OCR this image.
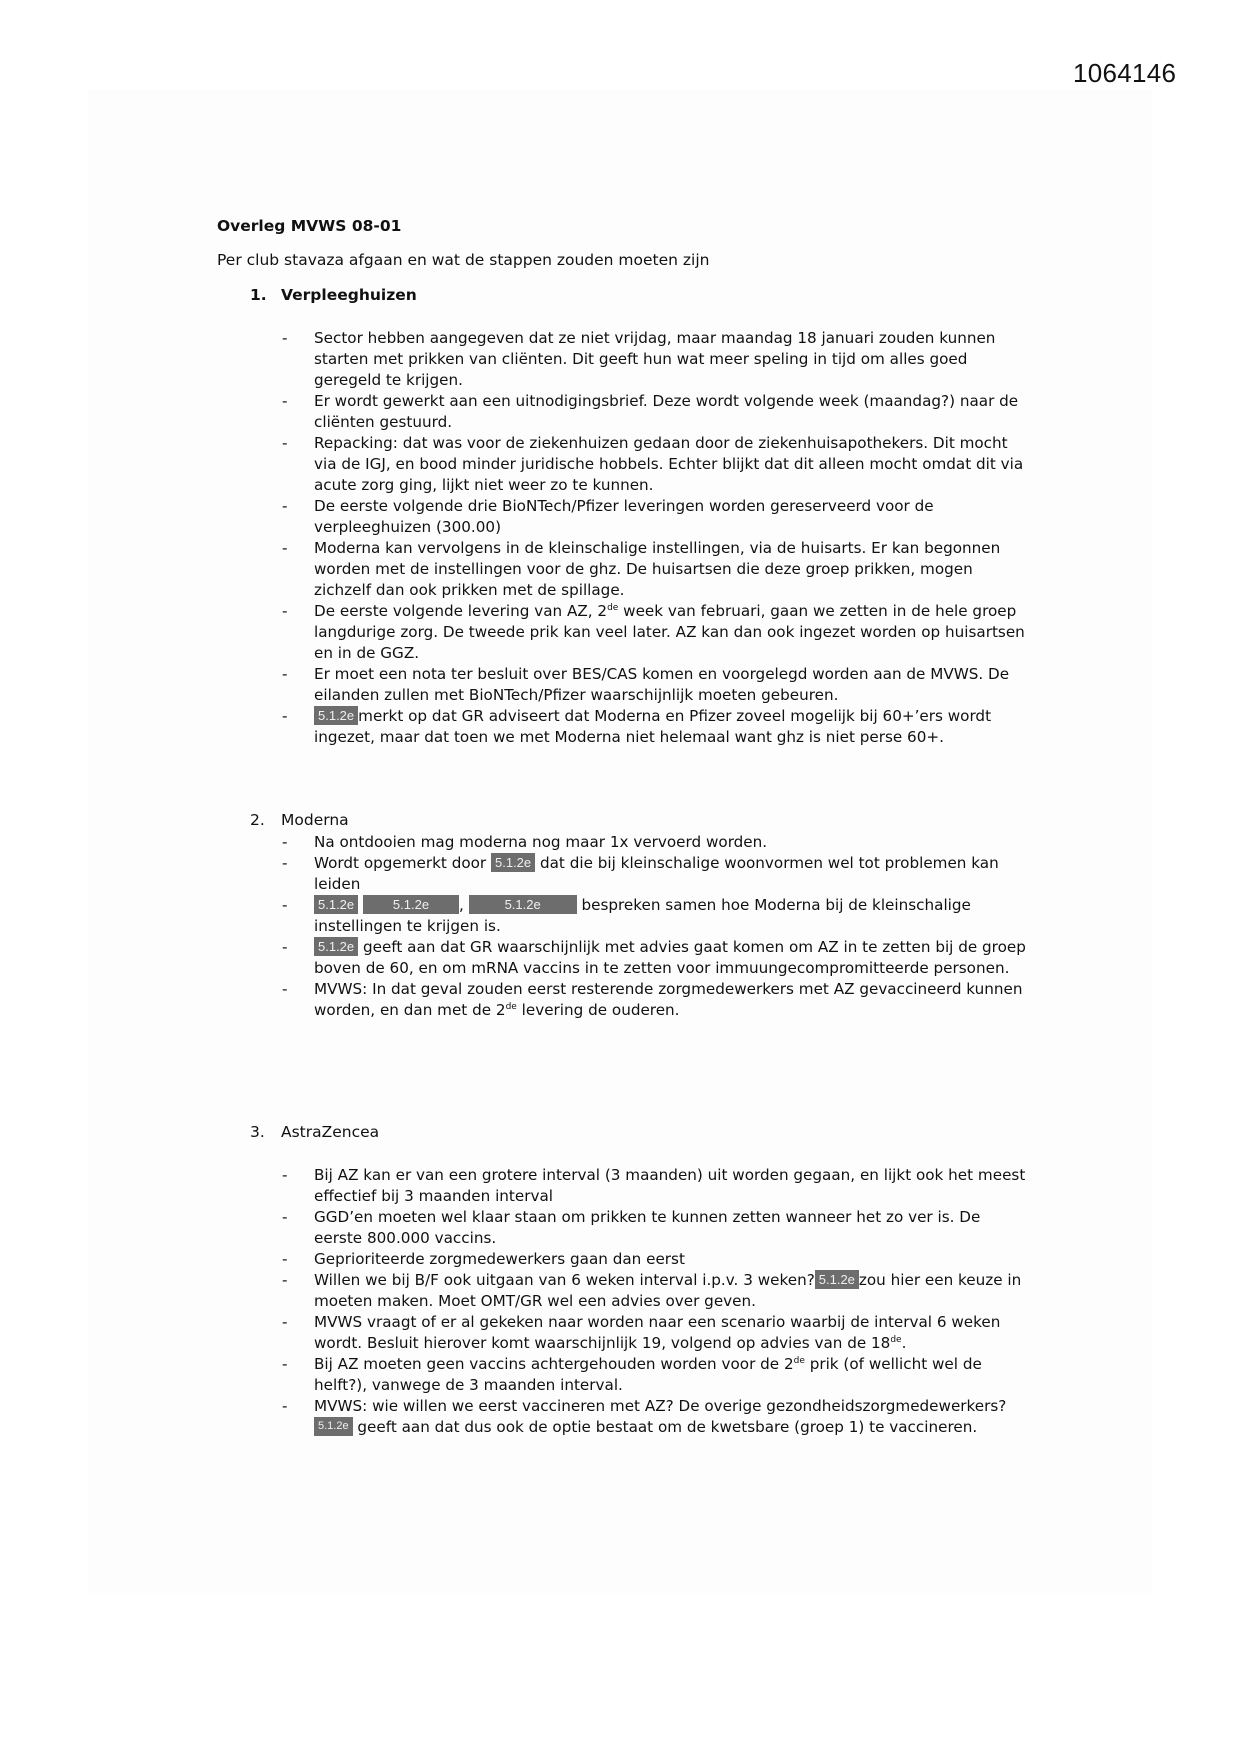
1064146
Overleg MVWS 08-01
Per club stavaza afgaan en wat de stappen zouden moeten zijn
1. Verpleeghuizen
- Sector hebben aangegeven dat ze niet vrijdag, maar maandag 18 januari zouden kunnen starten met prikken van cliënten. Dit geeft hun wat meer speling in tijd om alles goed geregeld te krijgen.
- Er wordt gewerkt aan een uitnodigingsbrief. Deze wordt volgende week (maandag?) naar de cliënten gestuurd.
- Repacking: dat was voor de ziekenhuizen gedaan door de ziekenhuisapothekers. Dit mocht via de IGJ, en bood minder juridische hobbels. Echter blijkt dat dit alleen mocht omdat dit via acute zorg ging, lijkt niet weer zo te kunnen.
- De eerste volgende drie BioNTech/Pfizer leveringen worden gereserveerd voor de verpleeghuizen (300.00)
- Moderna kan vervolgens in de kleinschalige instellingen, via de huisarts. Er kan begonnen worden met de instellingen voor de ghz. De huisartsen die deze groep prikken, mogen zichzelf dan ook prikken met de spillage.
- De eerste volgende levering van AZ, 2de week van februari, gaan we zetten in de hele groep langdurige zorg. De tweede prik kan veel later. AZ kan dan ook ingezet worden op huisartsen en in de GGZ.
- Er moet een nota ter besluit over BES/CAS komen en voorgelegd worden aan de MVWS. De eilanden zullen met BioNTech/Pfizer waarschijnlijk moeten gebeuren.
- 5.1.2e merkt op dat GR adviseert dat Moderna en Pfizer zoveel mogelijk bij 60+’ers wordt ingezet, maar dat toen we met Moderna niet helemaal want ghz is niet perse 60+.
2. Moderna
- Na ontdooien mag moderna nog maar 1x vervoerd worden.
- Wordt opgemerkt door 5.1.2e dat die bij kleinschalige woonvormen wel tot problemen kan leiden
- 5.1.2e	5.1.2e ,	5.1.2e bespreken samen hoe Moderna bij de kleinschalige instellingen te krijgen is.
- 5.1.2e geeft aan dat GR waarschijnlijk met advies gaat komen om AZ in te zetten bij de groep boven de 60, en om mRNA vaccins in te zetten voor immuungecompromitteerde personen.
- MVWS: In dat geval zouden eerst resterende zorgmedewerkers met AZ gevaccineerd kunnen worden, en dan met de 2de levering de ouderen.
3. AstraZencea
- Bij AZ kan er van een grotere interval (3 maanden) uit worden gegaan, en lijkt ook het meest effectief bij 3 maanden interval
- GGD’en moeten wel klaar staan om prikken te kunnen zetten wanneer het zo ver is. De eerste 800.000 vaccins.
- Geprioriteerde zorgmedewerkers gaan dan eerst
- Willen we bij B/F ook uitgaan van 6 weken interval i.p.v. 3 weken? 5.1.2e zou hier een keuze in moeten maken. Moet OMT/GR wel een advies over geven.
- MVWS vraagt of er al gekeken naar worden naar een scenario waarbij de interval 6 weken wordt. Besluit hierover komt waarschijnlijk 19, volgend op advies van de 18de.
- Bij AZ moeten geen vaccins achtergehouden worden voor de 2de prik (of wellicht wel de helft?), vanwege de 3 maanden interval.
- MVWS: wie willen we eerst vaccineren met AZ? De overige gezondheidszorgmedewerkers? 5.1.2e geeft aan dat dus ook de optie bestaat om de kwetsbare (groep 1) te vaccineren.
